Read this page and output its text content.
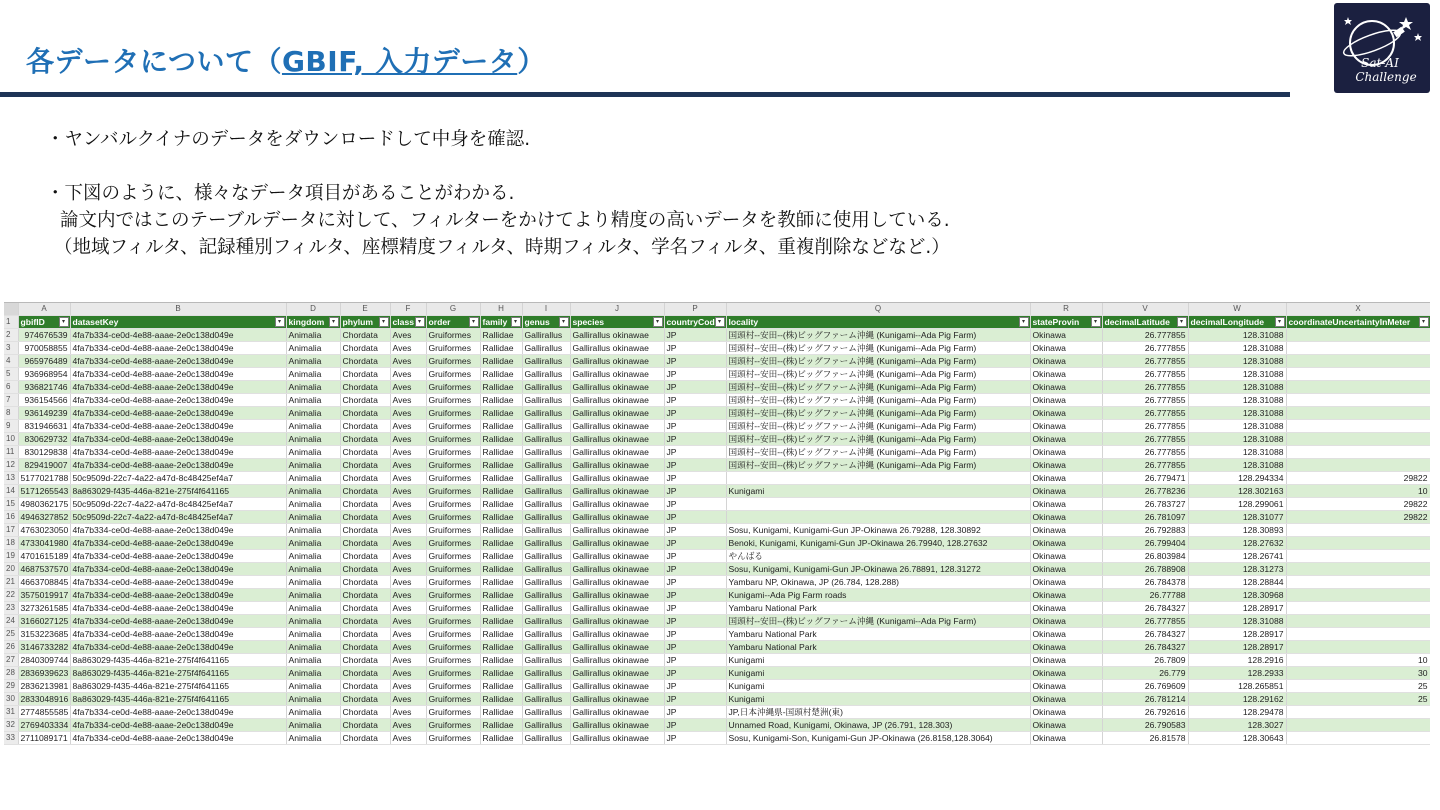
各データについて（GBIF, 入力データ）	Sat-AI
Challenge
・ヤンバルクイナのデータをダウンロードして中身を確認.
・下図のように、様々なデータ項目があることがわかる.
論文内ではこのテーブルデータに対して、フィルターをかけてより精度の高いデータを教師に使用している.
（地域フィルタ、記録種別フィルタ、座標精度フィルタ、時期フィルタ、学名フィルタ、重複削除などなど.）
	A	B	D	E	F	G	H	I	J	P	Q	R	V	W	X
1	gbifID ▾	datasetKey ▾	kingdom ▾	phylum ▾	class ▾	order ▾	family ▾	genus ▾	species ▾	countryCod ▾	locality ▾	stateProvin ▾	decimalLatitude ▾	decimalLongitude ▾	coordinateUncertaintyInMeter ▾

2	974676539	4fa7b334-ce0d-4e88-aaae-2e0c138d049e	Animalia	Chordata	Aves	Gruiformes	Rallidae	Gallirallus	Gallirallus okinawae	JP	国頭村--安田--(株)ビッグファーム沖縄 (Kunigami--Ada Pig Farm)	Okinawa	26.777855	128.31088	
3	970058855	4fa7b334-ce0d-4e88-aaae-2e0c138d049e	Animalia	Chordata	Aves	Gruiformes	Rallidae	Gallirallus	Gallirallus okinawae	JP	国頭村--安田--(株)ビッグファーム沖縄 (Kunigami--Ada Pig Farm)	Okinawa	26.777855	128.31088	
4	965976489	4fa7b334-ce0d-4e88-aaae-2e0c138d049e	Animalia	Chordata	Aves	Gruiformes	Rallidae	Gallirallus	Gallirallus okinawae	JP	国頭村--安田--(株)ビッグファーム沖縄 (Kunigami--Ada Pig Farm)	Okinawa	26.777855	128.31088	
5	936968954	4fa7b334-ce0d-4e88-aaae-2e0c138d049e	Animalia	Chordata	Aves	Gruiformes	Rallidae	Gallirallus	Gallirallus okinawae	JP	国頭村--安田--(株)ビッグファーム沖縄 (Kunigami--Ada Pig Farm)	Okinawa	26.777855	128.31088	
6	936821746	4fa7b334-ce0d-4e88-aaae-2e0c138d049e	Animalia	Chordata	Aves	Gruiformes	Rallidae	Gallirallus	Gallirallus okinawae	JP	国頭村--安田--(株)ビッグファーム沖縄 (Kunigami--Ada Pig Farm)	Okinawa	26.777855	128.31088	
7	936154566	4fa7b334-ce0d-4e88-aaae-2e0c138d049e	Animalia	Chordata	Aves	Gruiformes	Rallidae	Gallirallus	Gallirallus okinawae	JP	国頭村--安田--(株)ビッグファーム沖縄 (Kunigami--Ada Pig Farm)	Okinawa	26.777855	128.31088	
8	936149239	4fa7b334-ce0d-4e88-aaae-2e0c138d049e	Animalia	Chordata	Aves	Gruiformes	Rallidae	Gallirallus	Gallirallus okinawae	JP	国頭村--安田--(株)ビッグファーム沖縄 (Kunigami--Ada Pig Farm)	Okinawa	26.777855	128.31088	
9	831946631	4fa7b334-ce0d-4e88-aaae-2e0c138d049e	Animalia	Chordata	Aves	Gruiformes	Rallidae	Gallirallus	Gallirallus okinawae	JP	国頭村--安田--(株)ビッグファーム沖縄 (Kunigami--Ada Pig Farm)	Okinawa	26.777855	128.31088	
10	830629732	4fa7b334-ce0d-4e88-aaae-2e0c138d049e	Animalia	Chordata	Aves	Gruiformes	Rallidae	Gallirallus	Gallirallus okinawae	JP	国頭村--安田--(株)ビッグファーム沖縄 (Kunigami--Ada Pig Farm)	Okinawa	26.777855	128.31088	
11	830129838	4fa7b334-ce0d-4e88-aaae-2e0c138d049e	Animalia	Chordata	Aves	Gruiformes	Rallidae	Gallirallus	Gallirallus okinawae	JP	国頭村--安田--(株)ビッグファーム沖縄 (Kunigami--Ada Pig Farm)	Okinawa	26.777855	128.31088	
12	829419007	4fa7b334-ce0d-4e88-aaae-2e0c138d049e	Animalia	Chordata	Aves	Gruiformes	Rallidae	Gallirallus	Gallirallus okinawae	JP	国頭村--安田--(株)ビッグファーム沖縄 (Kunigami--Ada Pig Farm)	Okinawa	26.777855	128.31088	
13	5177021788	50c9509d-22c7-4a22-a47d-8c48425ef4a7	Animalia	Chordata	Aves	Gruiformes	Rallidae	Gallirallus	Gallirallus okinawae	JP		Okinawa	26.779471	128.294334	29822
14	5171265543	8a863029-f435-446a-821e-275f4f641165	Animalia	Chordata	Aves	Gruiformes	Rallidae	Gallirallus	Gallirallus okinawae	JP	Kunigami	Okinawa	26.778236	128.302163	10
15	4980362175	50c9509d-22c7-4a22-a47d-8c48425ef4a7	Animalia	Chordata	Aves	Gruiformes	Rallidae	Gallirallus	Gallirallus okinawae	JP		Okinawa	26.783727	128.299061	29822
16	4946327852	50c9509d-22c7-4a22-a47d-8c48425ef4a7	Animalia	Chordata	Aves	Gruiformes	Rallidae	Gallirallus	Gallirallus okinawae	JP		Okinawa	26.781097	128.31077	29822
17	4763023050	4fa7b334-ce0d-4e88-aaae-2e0c138d049e	Animalia	Chordata	Aves	Gruiformes	Rallidae	Gallirallus	Gallirallus okinawae	JP	Sosu, Kunigami, Kunigami-Gun JP-Okinawa 26.79288, 128.30892	Okinawa	26.792883	128.30893	
18	4733041980	4fa7b334-ce0d-4e88-aaae-2e0c138d049e	Animalia	Chordata	Aves	Gruiformes	Rallidae	Gallirallus	Gallirallus okinawae	JP	Benoki, Kunigami, Kunigami-Gun JP-Okinawa 26.79940, 128.27632	Okinawa	26.799404	128.27632	
19	4701615189	4fa7b334-ce0d-4e88-aaae-2e0c138d049e	Animalia	Chordata	Aves	Gruiformes	Rallidae	Gallirallus	Gallirallus okinawae	JP	やんばる	Okinawa	26.803984	128.26741	
20	4687537570	4fa7b334-ce0d-4e88-aaae-2e0c138d049e	Animalia	Chordata	Aves	Gruiformes	Rallidae	Gallirallus	Gallirallus okinawae	JP	Sosu, Kunigami, Kunigami-Gun JP-Okinawa 26.78891, 128.31272	Okinawa	26.788908	128.31273	
21	4663708845	4fa7b334-ce0d-4e88-aaae-2e0c138d049e	Animalia	Chordata	Aves	Gruiformes	Rallidae	Gallirallus	Gallirallus okinawae	JP	Yambaru NP, Okinawa, JP (26.784, 128.288)	Okinawa	26.784378	128.28844	
22	3575019917	4fa7b334-ce0d-4e88-aaae-2e0c138d049e	Animalia	Chordata	Aves	Gruiformes	Rallidae	Gallirallus	Gallirallus okinawae	JP	Kunigami--Ada Pig Farm roads	Okinawa	26.77788	128.30968	
23	3273261585	4fa7b334-ce0d-4e88-aaae-2e0c138d049e	Animalia	Chordata	Aves	Gruiformes	Rallidae	Gallirallus	Gallirallus okinawae	JP	Yambaru National Park	Okinawa	26.784327	128.28917	
24	3166027125	4fa7b334-ce0d-4e88-aaae-2e0c138d049e	Animalia	Chordata	Aves	Gruiformes	Rallidae	Gallirallus	Gallirallus okinawae	JP	国頭村--安田--(株)ビッグファーム沖縄 (Kunigami--Ada Pig Farm)	Okinawa	26.777855	128.31088	
25	3153223685	4fa7b334-ce0d-4e88-aaae-2e0c138d049e	Animalia	Chordata	Aves	Gruiformes	Rallidae	Gallirallus	Gallirallus okinawae	JP	Yambaru National Park	Okinawa	26.784327	128.28917	
26	3146733282	4fa7b334-ce0d-4e88-aaae-2e0c138d049e	Animalia	Chordata	Aves	Gruiformes	Rallidae	Gallirallus	Gallirallus okinawae	JP	Yambaru National Park	Okinawa	26.784327	128.28917	
27	2840309744	8a863029-f435-446a-821e-275f4f641165	Animalia	Chordata	Aves	Gruiformes	Rallidae	Gallirallus	Gallirallus okinawae	JP	Kunigami	Okinawa	26.7809	128.2916	10
28	2836939623	8a863029-f435-446a-821e-275f4f641165	Animalia	Chordata	Aves	Gruiformes	Rallidae	Gallirallus	Gallirallus okinawae	JP	Kunigami	Okinawa	26.779	128.2933	30
29	2836213981	8a863029-f435-446a-821e-275f4f641165	Animalia	Chordata	Aves	Gruiformes	Rallidae	Gallirallus	Gallirallus okinawae	JP	Kunigami	Okinawa	26.769609	128.265851	25
30	2833048916	8a863029-f435-446a-821e-275f4f641165	Animalia	Chordata	Aves	Gruiformes	Rallidae	Gallirallus	Gallirallus okinawae	JP	Kunigami	Okinawa	26.781214	128.29162	25
31	2774855585	4fa7b334-ce0d-4e88-aaae-2e0c138d049e	Animalia	Chordata	Aves	Gruiformes	Rallidae	Gallirallus	Gallirallus okinawae	JP	JP,日本沖縄県-国頭村楚洲(東)	Okinawa	26.792616	128.29478	
32	2769403334	4fa7b334-ce0d-4e88-aaae-2e0c138d049e	Animalia	Chordata	Aves	Gruiformes	Rallidae	Gallirallus	Gallirallus okinawae	JP	Unnamed Road, Kunigami, Okinawa, JP (26.791, 128.303)	Okinawa	26.790583	128.3027	
33	2711089171	4fa7b334-ce0d-4e88-aaae-2e0c138d049e	Animalia	Chordata	Aves	Gruiformes	Rallidae	Gallirallus	Gallirallus okinawae	JP	Sosu, Kunigami-Son, Kunigami-Gun JP-Okinawa (26.8158,128.3064)	Okinawa	26.81578	128.30643	
